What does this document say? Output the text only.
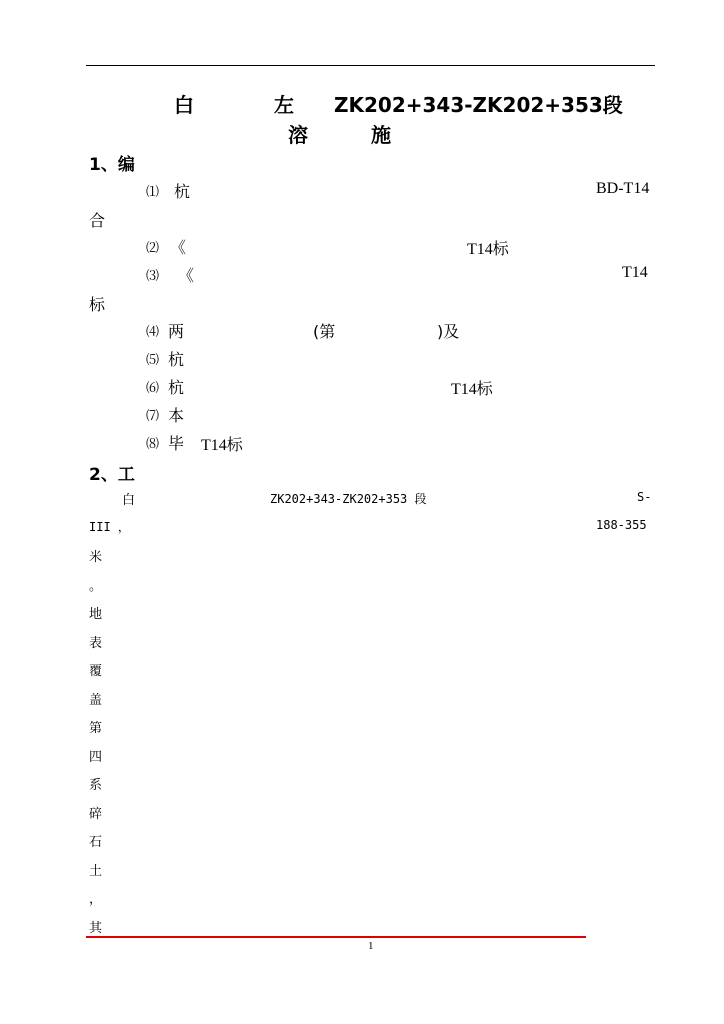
白	左 ZK202+343-ZK202+353段
溶	施
1、编
⑴ 杭	BD-T14
合
⑵ 《	T14标
⑶ 《	T14
标
⑷ 两	(第	)及
⑸ 杭
⑹ 杭	T14标
⑺ 本
⑻ 毕 T14标
2、工
白	ZK202+343-ZK202+353 段	S-
III ，	188-355
米
。
地
表
覆
盖
第
四
系
碎
石
土
，
其
1
